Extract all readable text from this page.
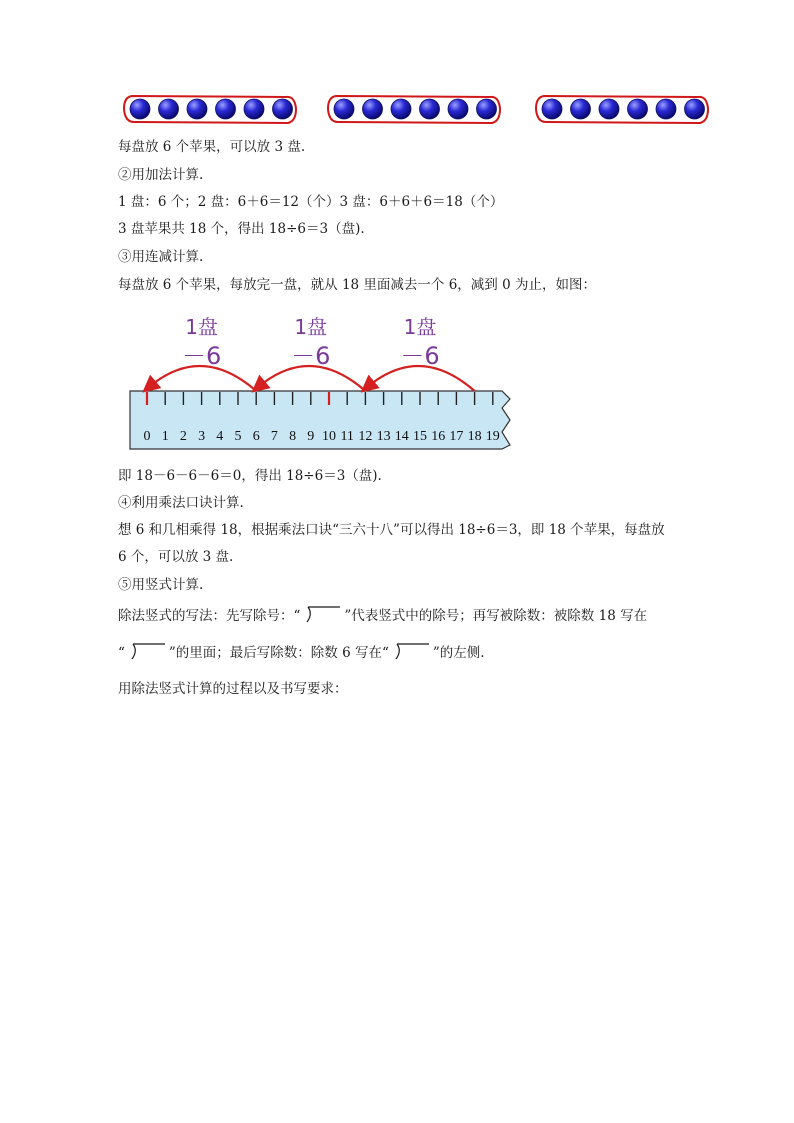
每盘放 6 个苹果，可以放 3 盘.
②用加法计算.
1 盘：6 个；2 盘：6＋6＝12（个）3 盘：6＋6＋6＝18（个）
3 盘苹果共 18 个，得出 18÷6＝3（盘).
③用连减计算.
每盘放 6 个苹果，每放完一盘，就从 18 里面减去一个 6，减到 0 为止，如图：
0 1 2 3 4 5 6 7 8 9 10 11 12 13 14 15 16 17 18 19
1盘
－6
1盘
－6
1盘
－6
即 18－6－6－6＝0，得出 18÷6＝3（盘).
④利用乘法口诀计算.
想 6 和几相乘得 18，根据乘法口诀“三六十八”可以得出 18÷6＝3，即 18 个苹果，每盘放
6 个，可以放 3 盘.
⑤用竖式计算.
除法竖式的写法：先写除号：“	”代表竖式中的除号；再写被除数：被除数 18 写在
“	”的里面；最后写除数：除数 6 写在“	”的左侧.
用除法竖式计算的过程以及书写要求：
